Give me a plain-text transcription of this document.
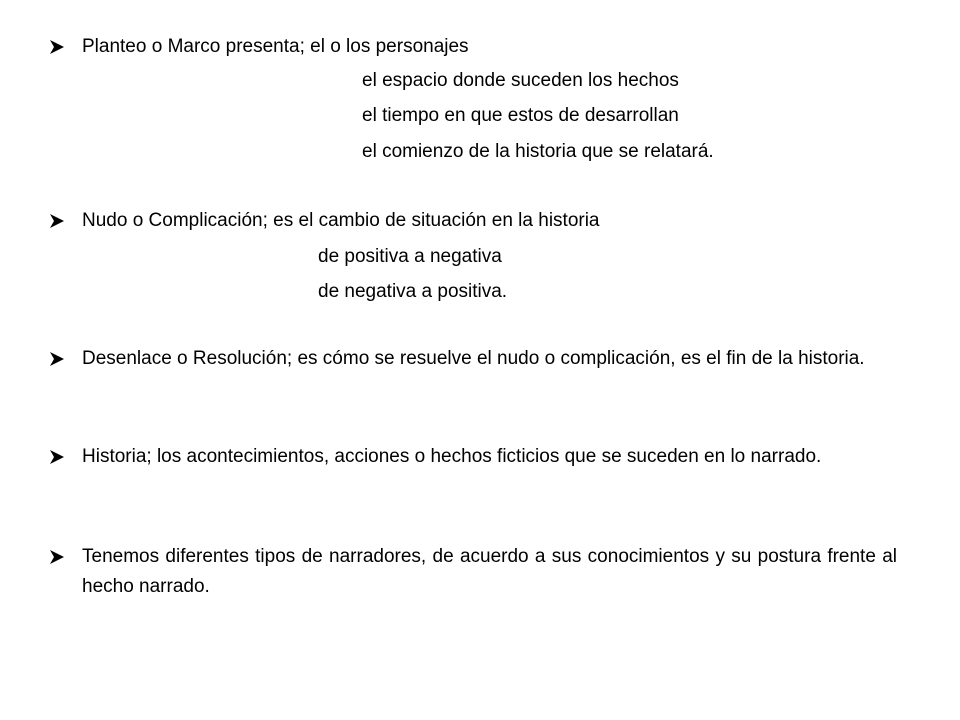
Planteo o Marco presenta; el o los personajes
el espacio donde suceden los hechos
el tiempo en que estos de desarrollan
el comienzo de la historia que se relatará.
Nudo o Complicación; es el cambio de situación en la historia
de positiva a negativa
de negativa a positiva.
Desenlace o Resolución; es cómo se resuelve el nudo o complicación, es el fin de la historia.
Historia; los acontecimientos, acciones o hechos ficticios que se suceden en lo narrado.
Tenemos diferentes tipos de narradores, de acuerdo a sus conocimientos y su postura frente al hecho narrado.
